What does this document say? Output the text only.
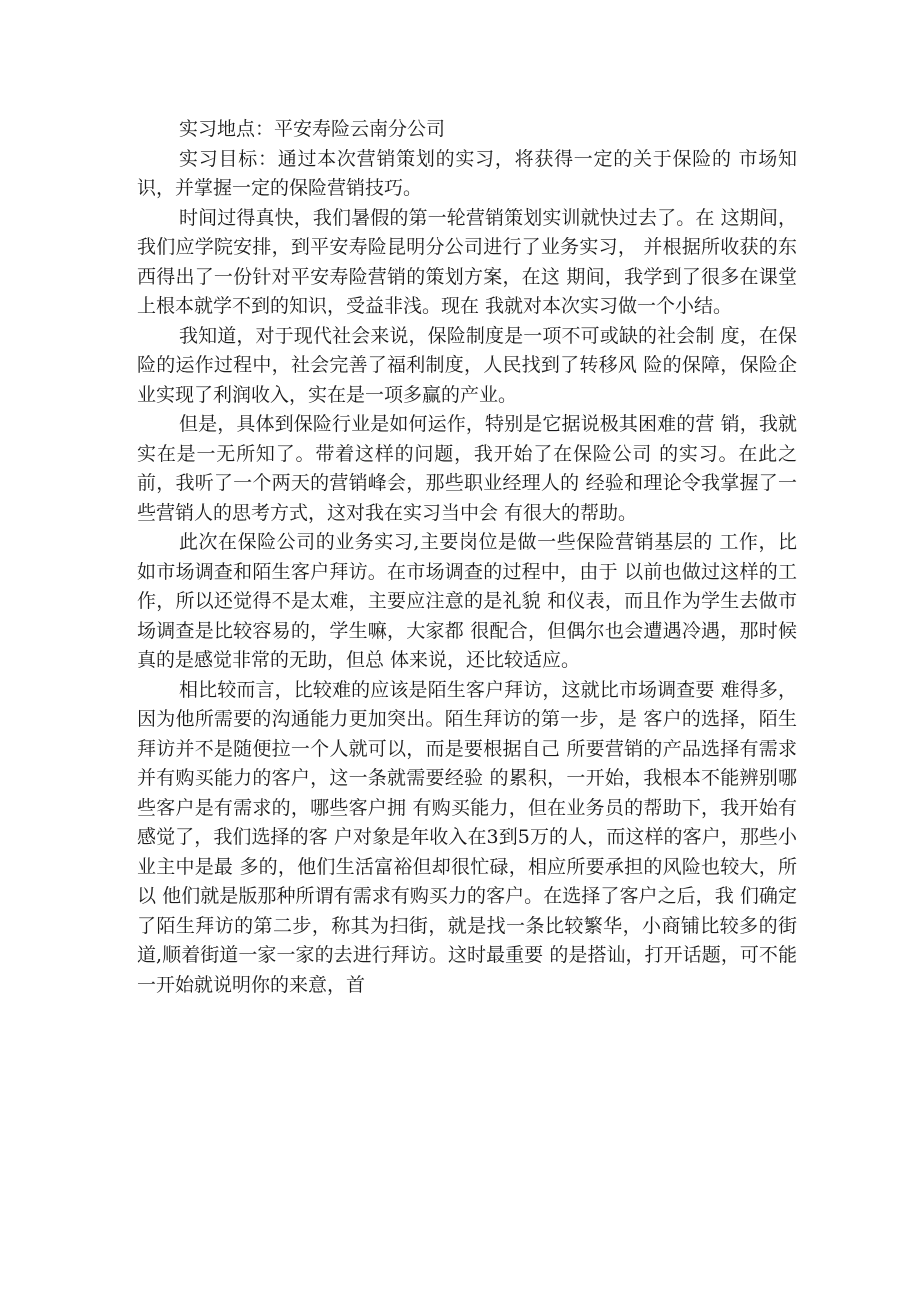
实习地点：平安寿险云南分公司

实习目标：通过本次营销策划的实习，将获得一定的关于保险的 市场知识，并掌握一定的保险营销技巧。

时间过得真快，我们暑假的第一轮营销策划实训就快过去了。在 这期间，我们应学院安排，到平安寿险昆明分公司进行了业务实习， 并根据所收获的东西得出了一份针对平安寿险营销的策划方案，在这 期间，我学到了很多在课堂上根本就学不到的知识，受益非浅。现在 我就对本次实习做一个小结。

我知道，对于现代社会来说，保险制度是一项不可或缺的社会制 度，在保险的运作过程中，社会完善了福利制度，人民找到了转移风 险的保障，保险企业实现了利润收入，实在是一项多赢的产业。

但是，具体到保险行业是如何运作，特别是它据说极其困难的营 销，我就实在是一无所知了。带着这样的问题，我开始了在保险公司 的实习。在此之前，我听了一个两天的营销峰会，那些职业经理人的 经验和理论令我掌握了一些营销人的思考方式，这对我在实习当中会 有很大的帮助。

此次在保险公司的业务实习,主要岗位是做一些保险营销基层的 工作，比如市场调查和陌生客户拜访。在市场调查的过程中，由于 以前也做过这样的工作，所以还觉得不是太难，主要应注意的是礼貌 和仪表，而且作为学生去做市场调查是比较容易的，学生嘛，大家都 很配合，但偶尔也会遭遇冷遇，那时候真的是感觉非常的无助，但总 体来说，还比较适应。

相比较而言，比较难的应该是陌生客户拜访，这就比市场调查要 难得多，因为他所需要的沟通能力更加突出。陌生拜访的第一步，是 客户的选择，陌生拜访并不是随便拉一个人就可以，而是要根据自己 所要营销的产品选择有需求并有购买能力的客户，这一条就需要经验 的累积，一开始，我根本不能辨别哪些客户是有需求的，哪些客户拥 有购买能力，但在业务员的帮助下，我开始有感觉了，我们选择的客 户对象是年收入在3到5万的人，而这样的客户，那些小业主中是最 多的，他们生活富裕但却很忙碌，相应所要承担的风险也较大，所以 他们就是版那种所谓有需求有购买力的客户。在选择了客户之后，我 们确定了陌生拜访的第二步，称其为扫街，就是找一条比较繁华，小商铺比较多的街道,顺着街道一家一家的去进行拜访。这时最重要 的是搭讪，打开话题，可不能一开始就说明你的来意，首
